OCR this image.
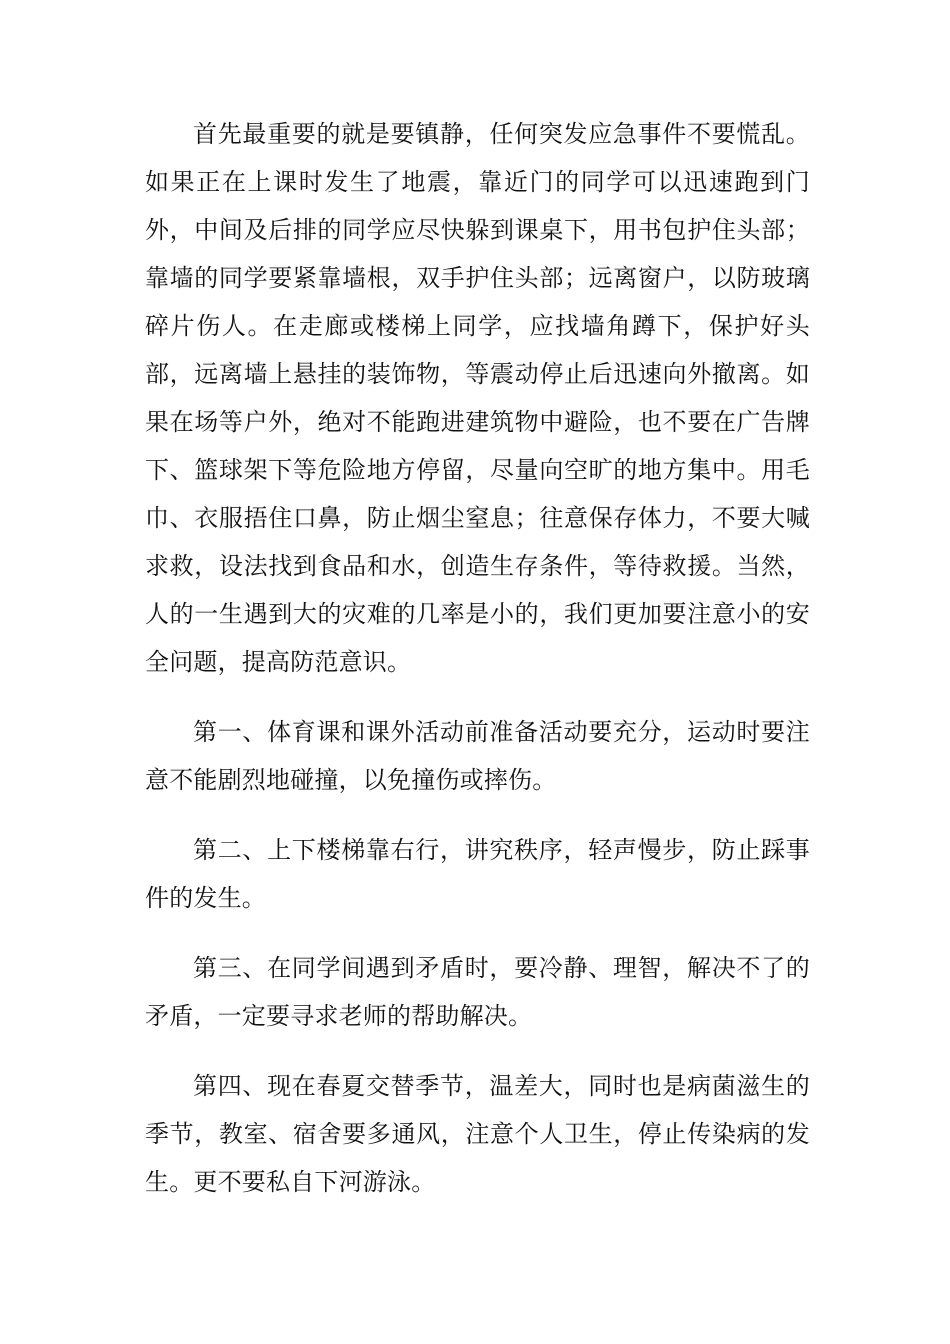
首先最重要的就是要镇静，任何突发应急事件不要慌乱。如果正在上课时发生了地震，靠近门的同学可以迅速跑到门外，中间及后排的同学应尽快躲到课桌下，用书包护住头部；靠墙的同学要紧靠墙根，双手护住头部；远离窗户，以防玻璃碎片伤人。在走廊或楼梯上同学，应找墙角蹲下，保护好头部，远离墙上悬挂的装饰物，等震动停止后迅速向外撤离。如果在场等户外，绝对不能跑进建筑物中避险，也不要在广告牌下、篮球架下等危险地方停留，尽量向空旷的地方集中。用毛巾、衣服捂住口鼻，防止烟尘窒息；往意保存体力，不要大喊求救，设法找到食品和水，创造生存条件，等待救援。当然，人的一生遇到大的灾难的几率是小的，我们更加要注意小的安全问题，提高防范意识。

第一、体育课和课外活动前准备活动要充分，运动时要注意不能剧烈地碰撞，以免撞伤或摔伤。

第二、上下楼梯靠右行，讲究秩序，轻声慢步，防止踩事件的发生。

第三、在同学间遇到矛盾时，要冷静、理智，解决不了的矛盾，一定要寻求老师的帮助解决。

第四、现在春夏交替季节，温差大，同时也是病菌滋生的季节，教室、宿舍要多通风，注意个人卫生，停止传染病的发生。更不要私自下河游泳。
